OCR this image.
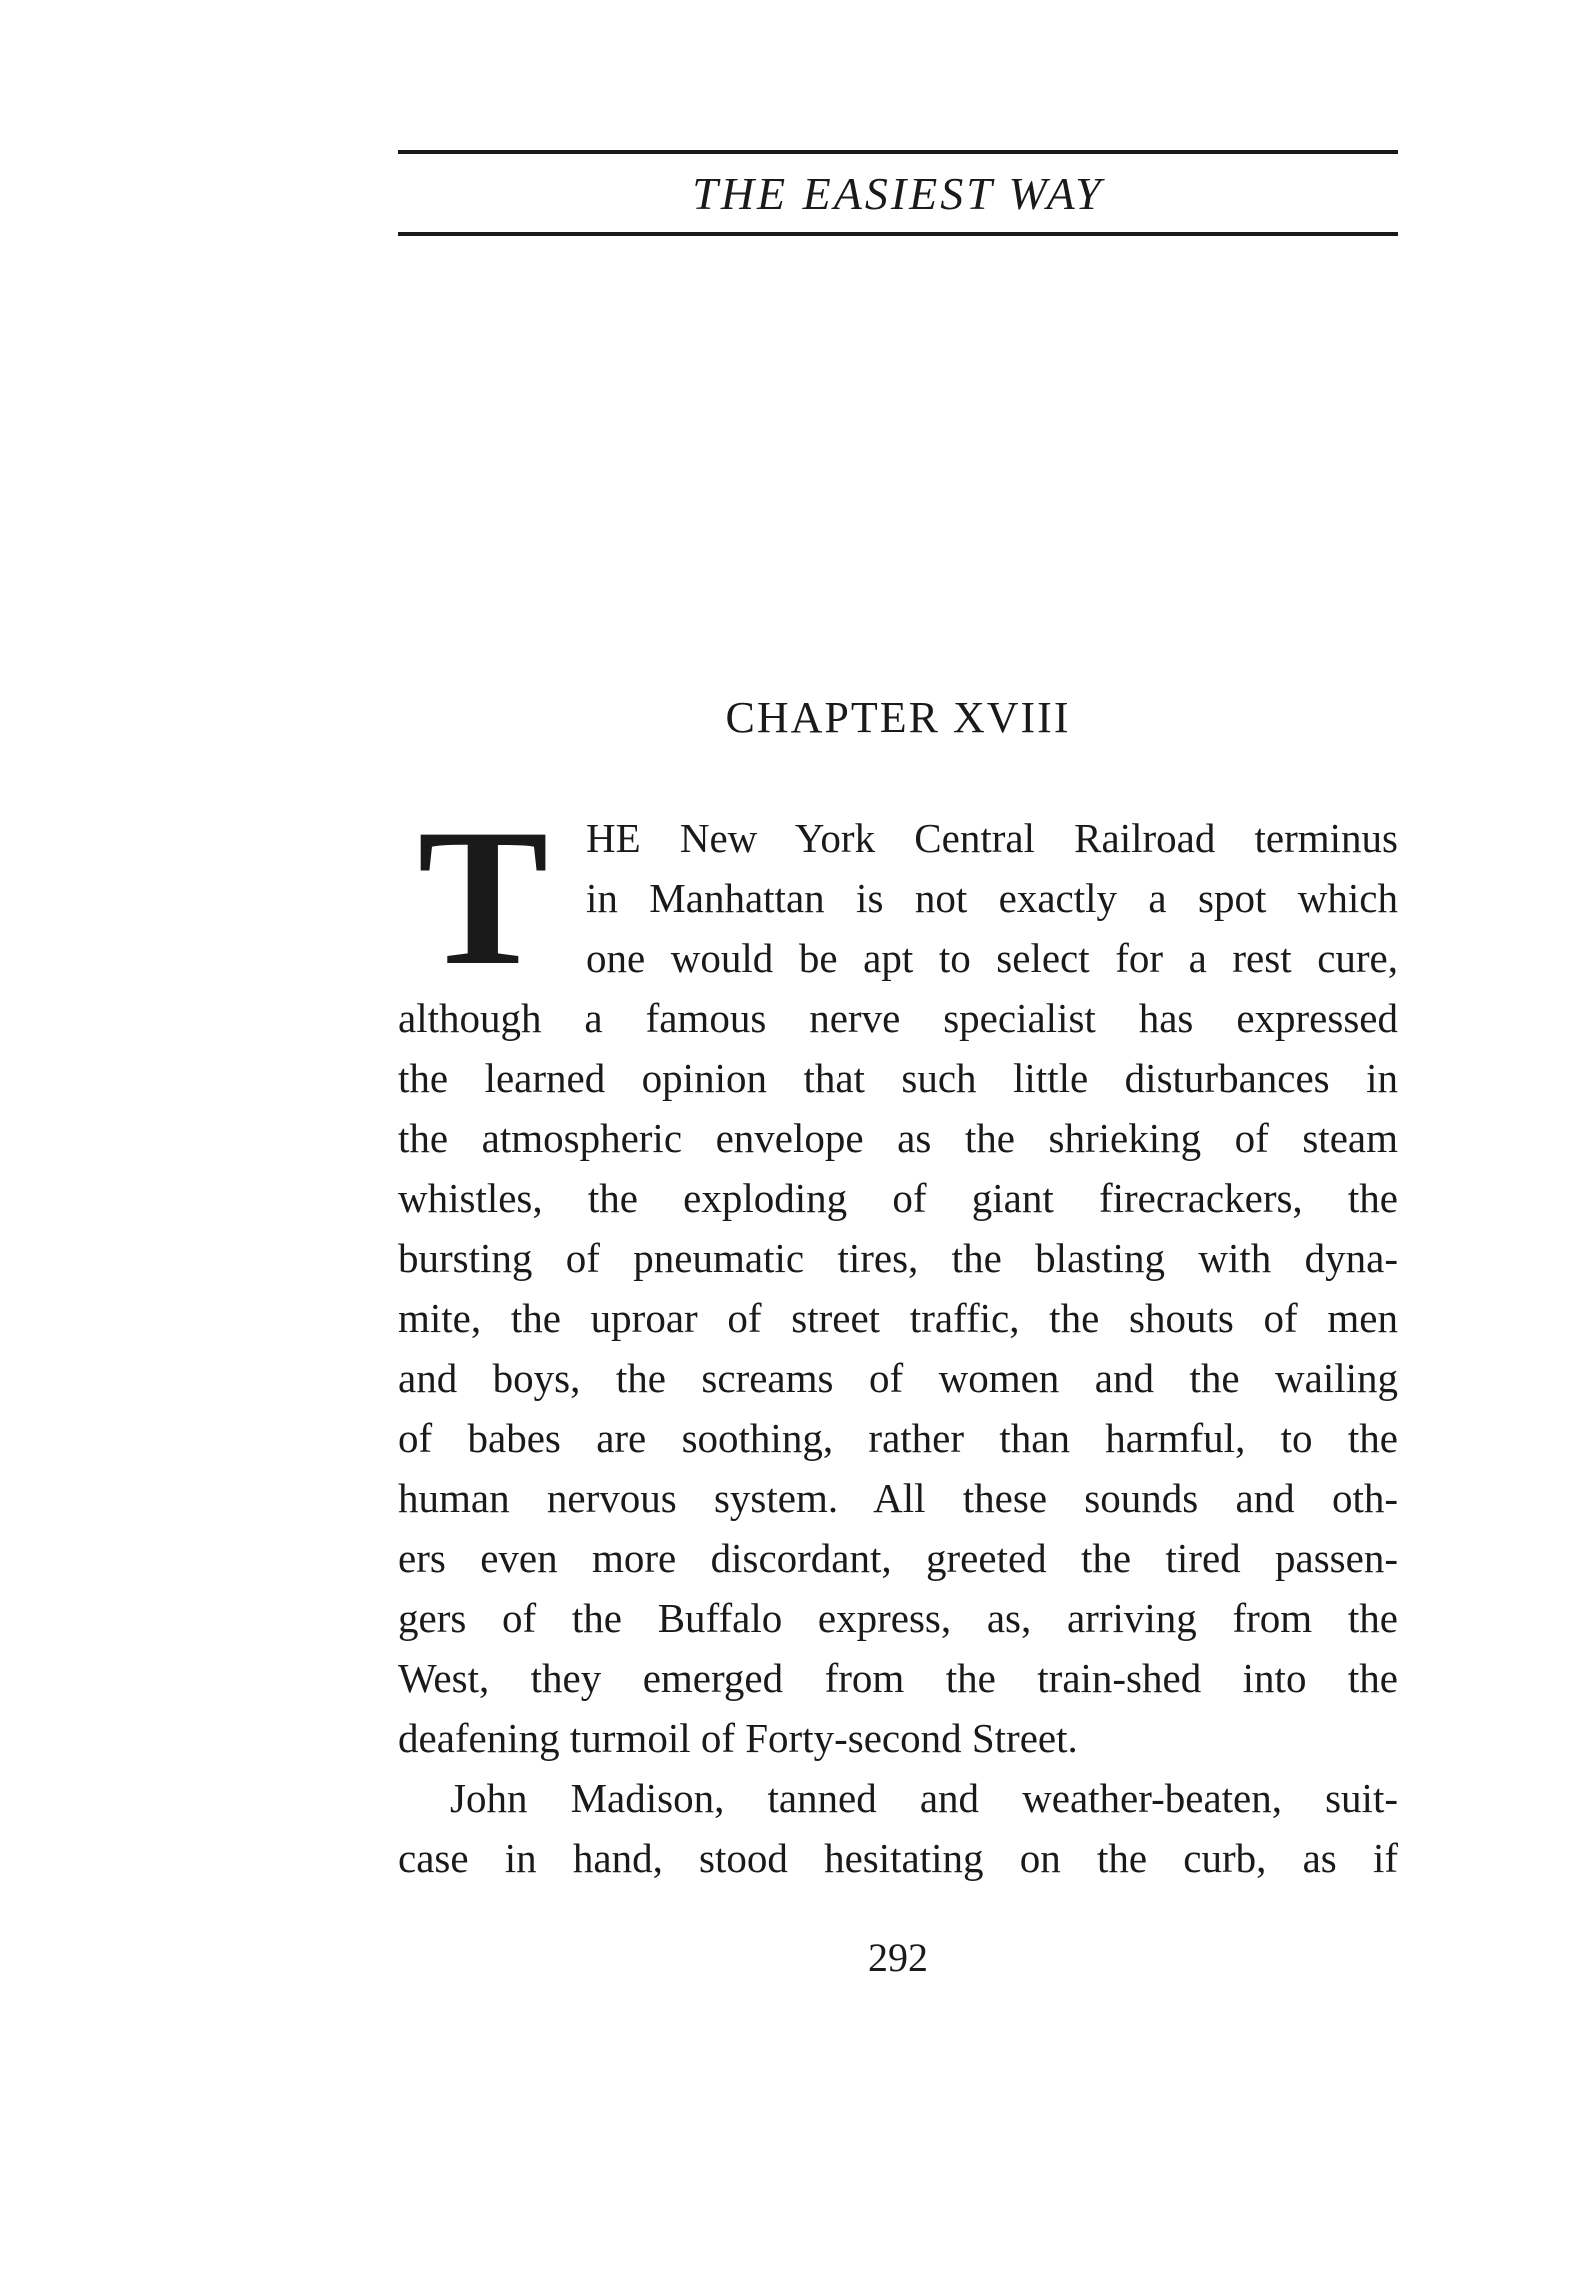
THE EASIEST WAY
CHAPTER XVIII
T HE New York Central Railroad terminus
in Manhattan is not exactly a spot which
one would be apt to select for a rest cure,
although a famous nerve specialist has expressed
the learned opinion that such little disturbances in
the atmospheric envelope as the shrieking of steam
whistles, the exploding of giant firecrackers, the
bursting of pneumatic tires, the blasting with dyna-
mite, the uproar of street traffic, the shouts of men
and boys, the screams of women and the wailing
of babes are soothing, rather than harmful, to the
human nervous system. All these sounds and oth-
ers even more discordant, greeted the tired passen-
gers of the Buffalo express, as, arriving from the
West, they emerged from the train-shed into the
deafening turmoil of Forty-second Street.
John Madison, tanned and weather-beaten, suit-
case in hand, stood hesitating on the curb, as if
292
